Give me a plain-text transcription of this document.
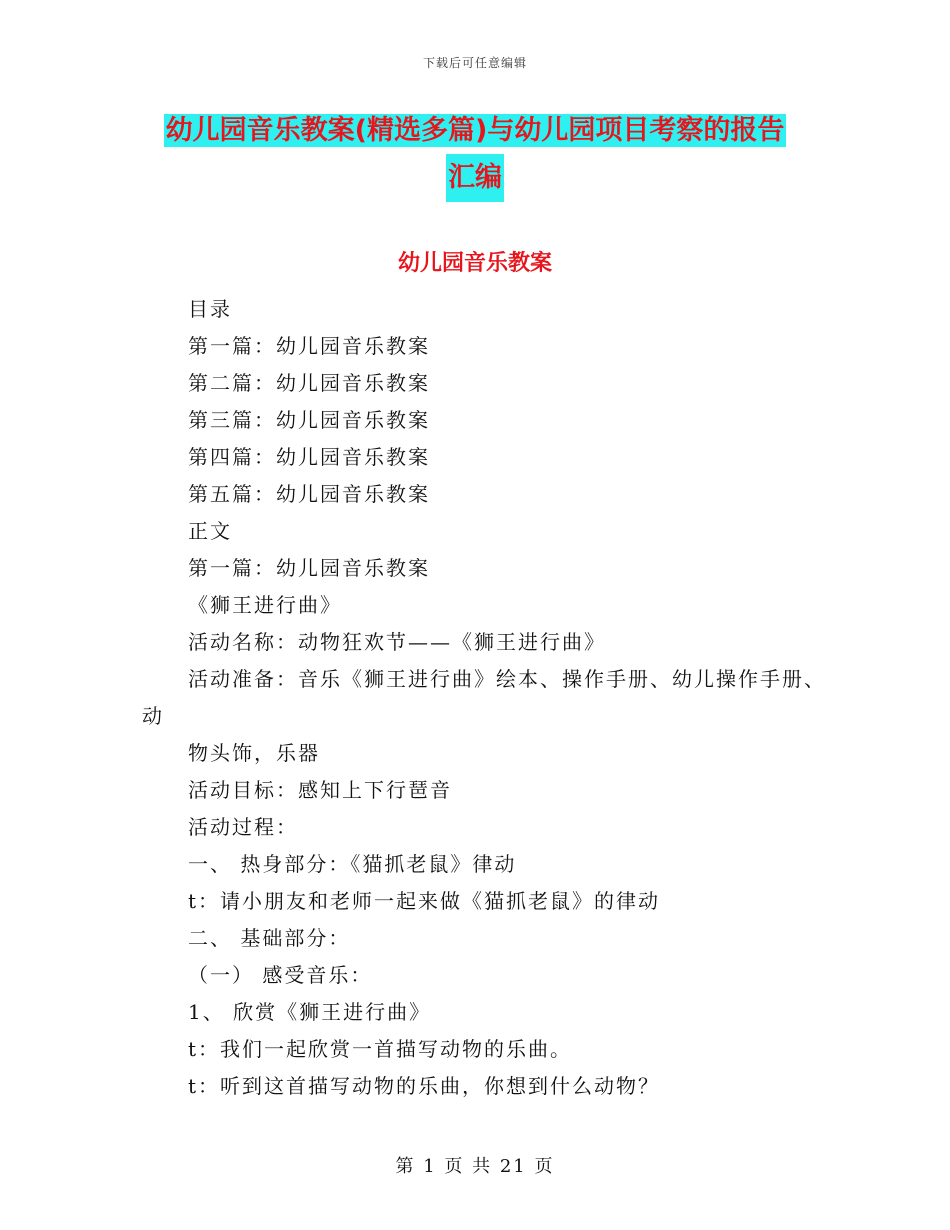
下载后可任意编辑
幼儿园音乐教案(精选多篇)与幼儿园项目考察的报告
汇编
幼儿园音乐教案
目录
第一篇：幼儿园音乐教案
第二篇：幼儿园音乐教案
第三篇：幼儿园音乐教案
第四篇：幼儿园音乐教案
第五篇：幼儿园音乐教案
正文
第一篇：幼儿园音乐教案
《狮王进行曲》
活动名称：动物狂欢节——《狮王进行曲》
活动准备：音乐《狮王进行曲》绘本、操作手册、幼儿操作手册、
动
物头饰，乐器
活动目标：感知上下行琶音
活动过程：
一、 热身部分：《猫抓老鼠》律动
t：请小朋友和老师一起来做《猫抓老鼠》的律动
二、 基础部分：
（一） 感受音乐：
1、 欣赏《狮王进行曲》
t：我们一起欣赏一首描写动物的乐曲。
t：听到这首描写动物的乐曲，你想到什么动物？
第 1 页 共 21 页
